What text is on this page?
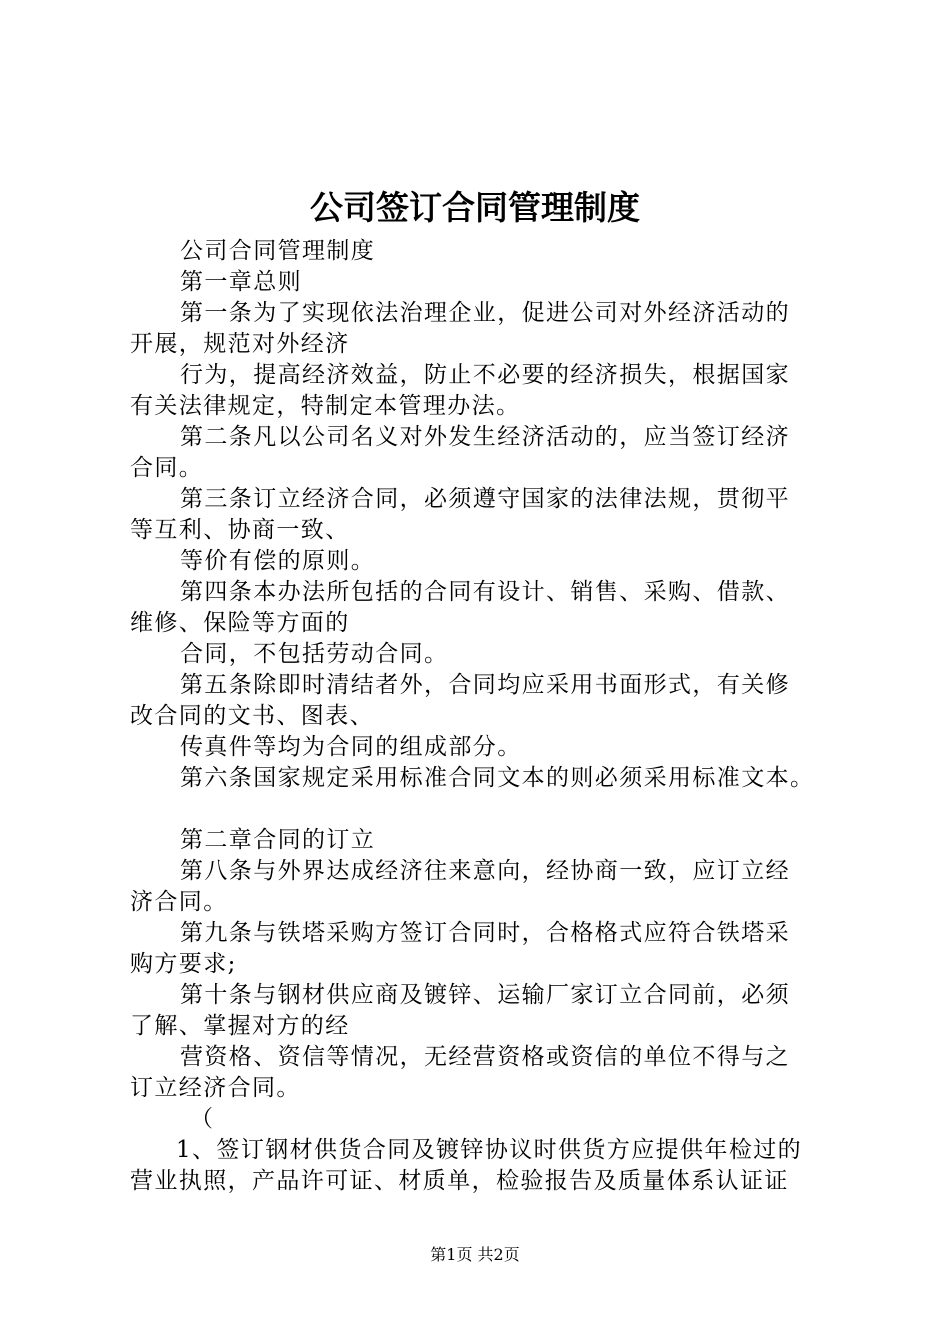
公司签订合同管理制度
公司合同管理制度
第一章总则
第一条为了实现依法治理企业，促进公司对外经济活动的
开展，规范对外经济
行为，提高经济效益，防止不必要的经济损失，根据国家
有关法律规定，特制定本管理办法。
第二条凡以公司名义对外发生经济活动的，应当签订经济
合同。
第三条订立经济合同，必须遵守国家的法律法规，贯彻平
等互利、协商一致、
等价有偿的原则。
第四条本办法所包括的合同有设计、销售、采购、借款、
维修、保险等方面的
合同，不包括劳动合同。
第五条除即时清结者外，合同均应采用书面形式，有关修
改合同的文书、图表、
传真件等均为合同的组成部分。
第六条国家规定采用标准合同文本的则必须采用标准文本。
第二章合同的订立
第八条与外界达成经济往来意向，经协商一致，应订立经
济合同。
第九条与铁塔采购方签订合同时，合格格式应符合铁塔采
购方要求;
第十条与钢材供应商及镀锌、运输厂家订立合同前，必须
了解、掌握对方的经
营资格、资信等情况，无经营资格或资信的单位不得与之
订立经济合同。
（
1、签订钢材供货合同及镀锌协议时供货方应提供年检过的
营业执照，产品许可证、材质单，检验报告及质量体系认证证
第1页 共2页
